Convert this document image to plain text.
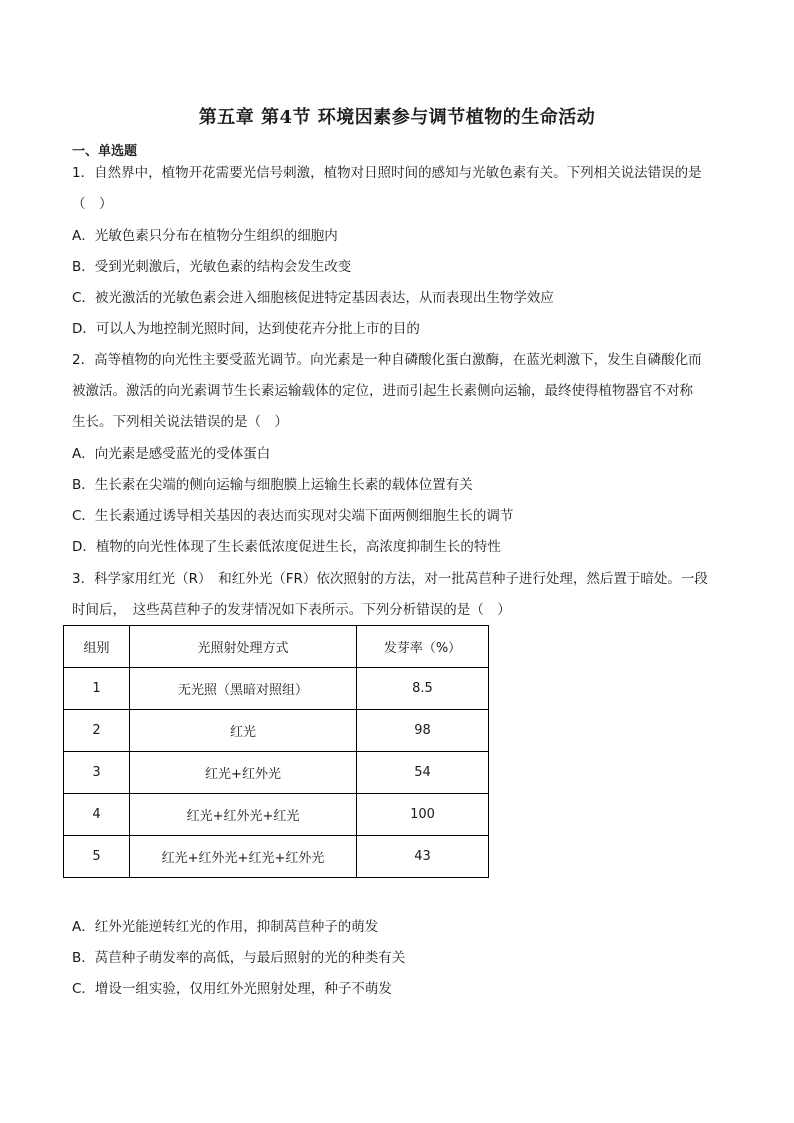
第五章 第4节 环境因素参与调节植物的生命活动
一、单选题
1．自然界中，植物开花需要光信号刺激，植物对日照时间的感知与光敏色素有关。下列相关说法错误的是
（　）
A．光敏色素只分布在植物分生组织的细胞内
B．受到光刺激后，光敏色素的结构会发生改变
C．被光激活的光敏色素会进入细胞核促进特定基因表达，从而表现出生物学效应
D．可以人为地控制光照时间，达到使花卉分批上市的目的
2．高等植物的向光性主要受蓝光调节。向光素是一种自磷酸化蛋白激酶，在蓝光刺激下，发生自磷酸化而
被激活。激活的向光素调节生长素运输载体的定位，进而引起生长素侧向运输，最终使得植物器官不对称
生长。下列相关说法错误的是（　）
A．向光素是感受蓝光的受体蛋白
B．生长素在尖端的侧向运输与细胞膜上运输生长素的载体位置有关
C．生长素通过诱导相关基因的表达而实现对尖端下面两侧细胞生长的调节
D．植物的向光性体现了生长素低浓度促进生长，高浓度抑制生长的特性
3．科学家用红光（R）　和红外光（FR）依次照射的方法，对一批莴苣种子进行处理，然后置于暗处。一段
时间后，　这些莴苣种子的发芽情况如下表所示。下列分析错误的是（　）
组别	光照射处理方式	发芽率（%）
1	无光照（黑暗对照组）	8.5
2	红光	98
3	红光+红外光	54
4	红光+红外光+红光	100
5	红光+红外光+红光+红外光	43
A．红外光能逆转红光的作用，抑制莴苣种子的萌发
B．莴苣种子萌发率的高低，与最后照射的光的种类有关
C．增设一组实验，仅用红外光照射处理，种子不萌发
